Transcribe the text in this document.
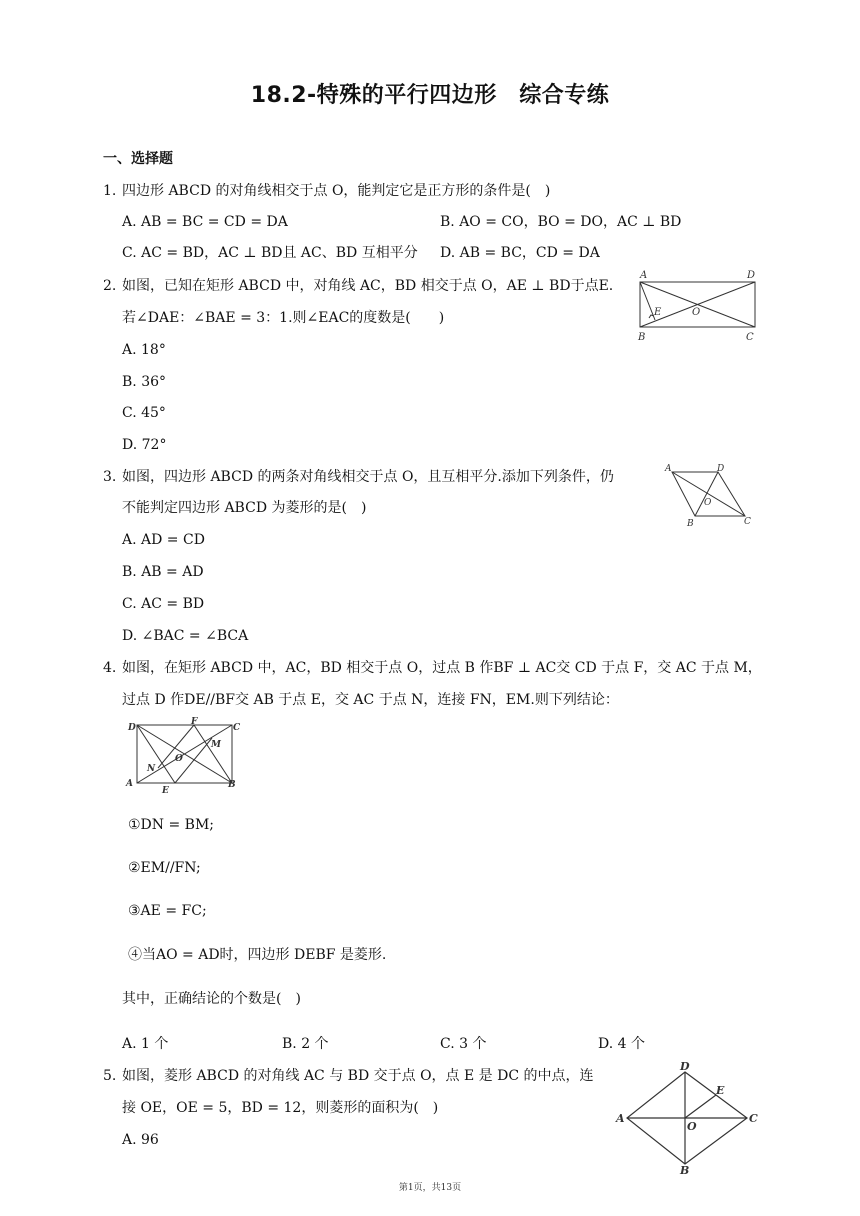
18.2-特殊的平行四边形　综合专练
一、选择题
1. 四边形 ABCD 的对角线相交于点 O，能判定它是正方形的条件是(　)
A. AB = BC = CD = DA	B. AO = CO，BO = DO，AC ⊥ BD
C. AC = BD，AC ⊥ BD且 AC、BD 互相平分 D. AB = BC，CD = DA
2. 如图，已知在矩形 ABCD 中，对角线 AC，BD 相交于点 O，AE ⊥ BD于点E.
若∠DAE：∠BAE = 3：1.则∠EAC的度数是(　　)
A. 18°
B. 36°
C. 45°
D. 72°
A	D
E	O
B	C
3. 如图，四边形 ABCD 的两条对角线相交于点 O，且互相平分.添加下列条件，仍
不能判定四边形 ABCD 为菱形的是(　)
A. AD = CD
B. AB = AD
C. AC = BD
D. ∠BAC = ∠BCA
A	D
O
B	C
4. 如图，在矩形 ABCD 中，AC，BD 相交于点 O，过点 B 作BF ⊥ AC交 CD 于点 F，交 AC 于点 M，
过点 D 作DE//BF交 AB 于点 E，交 AC 于点 N，连接 FN，EM.则下列结论：
D
F
C
M
N
O
A
E
B
①DN = BM;
②EM//FN;
③AE = FC;
④当AO = AD时，四边形 DEBF 是菱形.
其中，正确结论的个数是(　)
A. 1 个	B. 2 个	C. 3 个	D. 4 个
5. 如图，菱形 ABCD 的对角线 AC 与 BD 交于点 O，点 E 是 DC 的中点，连
接 OE，OE = 5，BD = 12，则菱形的面积为(　)
A. 96
D
E
A
O
C
B
第1页，共13页
